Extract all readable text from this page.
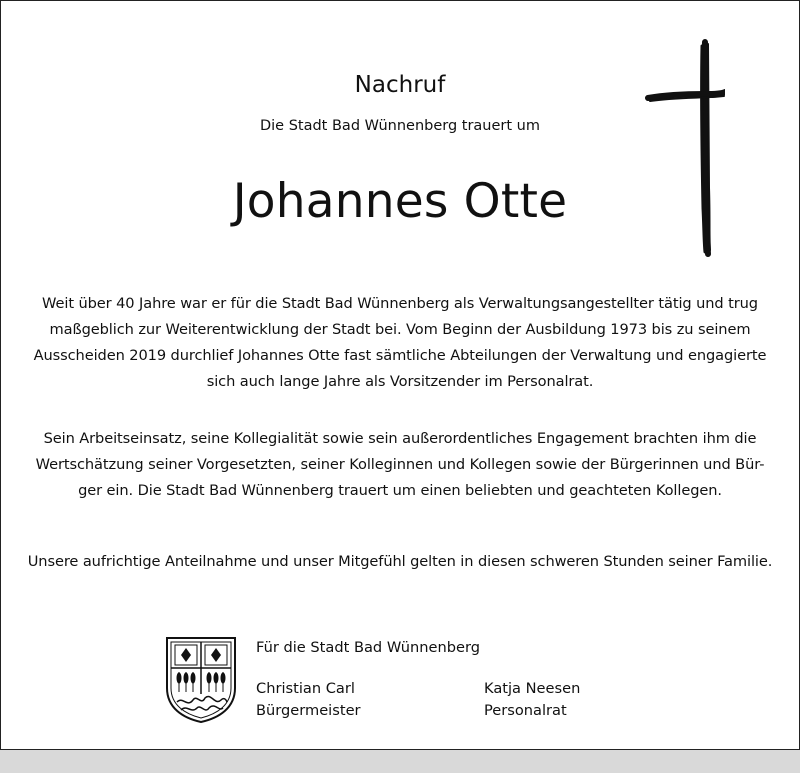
Nachruf
Die Stadt Bad Wünnenberg trauert um
Johannes Otte
Weit über 40 Jahre war er für die Stadt Bad Wünnenberg als Verwaltungsangestellter tätig und trug
maßgeblich zur Weiterentwicklung der Stadt bei. Vom Beginn der Ausbildung 1973 bis zu seinem
Ausscheiden 2019 durchlief Johannes Otte fast sämtliche Abteilungen der Verwaltung und engagierte
sich auch lange Jahre als Vorsitzender im Personalrat.
Sein Arbeitseinsatz, seine Kollegialität sowie sein außerordentliches Engagement brachten ihm die
Wertschätzung seiner Vorgesetzten, seiner Kolleginnen und Kollegen sowie der Bürgerinnen und Bür-
ger ein. Die Stadt Bad Wünnenberg trauert um einen beliebten und geachteten Kollegen.
Unsere aufrichtige Anteilnahme und unser Mitgefühl gelten in diesen schweren Stunden seiner Familie.
Für die Stadt Bad Wünnenberg
Christian Carl
Bürgermeister
Katja Neesen
Personalrat
